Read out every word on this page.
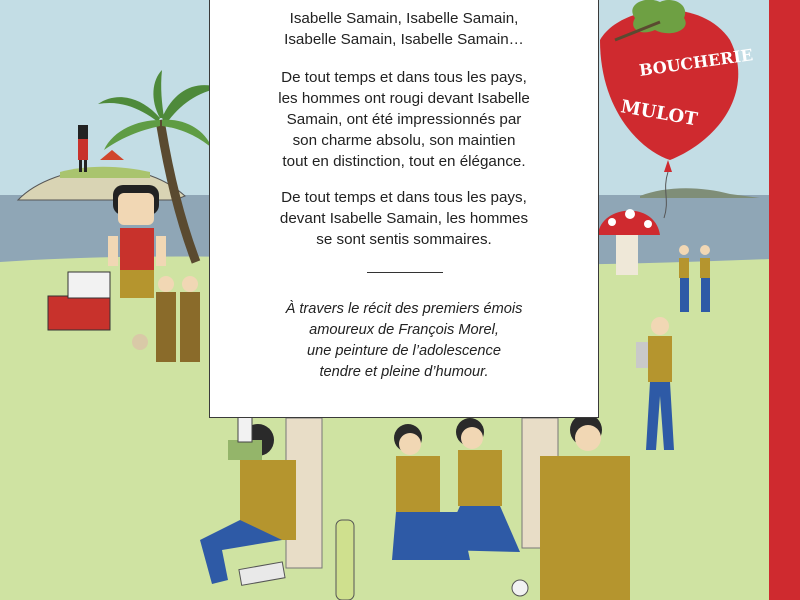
BOUCHERIE
MULOT

Isabelle Samain, Isabelle Samain,
Isabelle Samain, Isabelle Samain…

De tout temps et dans tous les pays,
les hommes ont rougi devant Isabelle
Samain, ont été impressionnés par
son charme absolu, son maintien
tout en distinction, tout en élégance.

De tout temps et dans tous les pays,
devant Isabelle Samain, les hommes
se sont sentis sommaires.

À travers le récit des premiers émois
amoureux de François Morel,
une peinture de l’adolescence
tendre et pleine d’humour.
